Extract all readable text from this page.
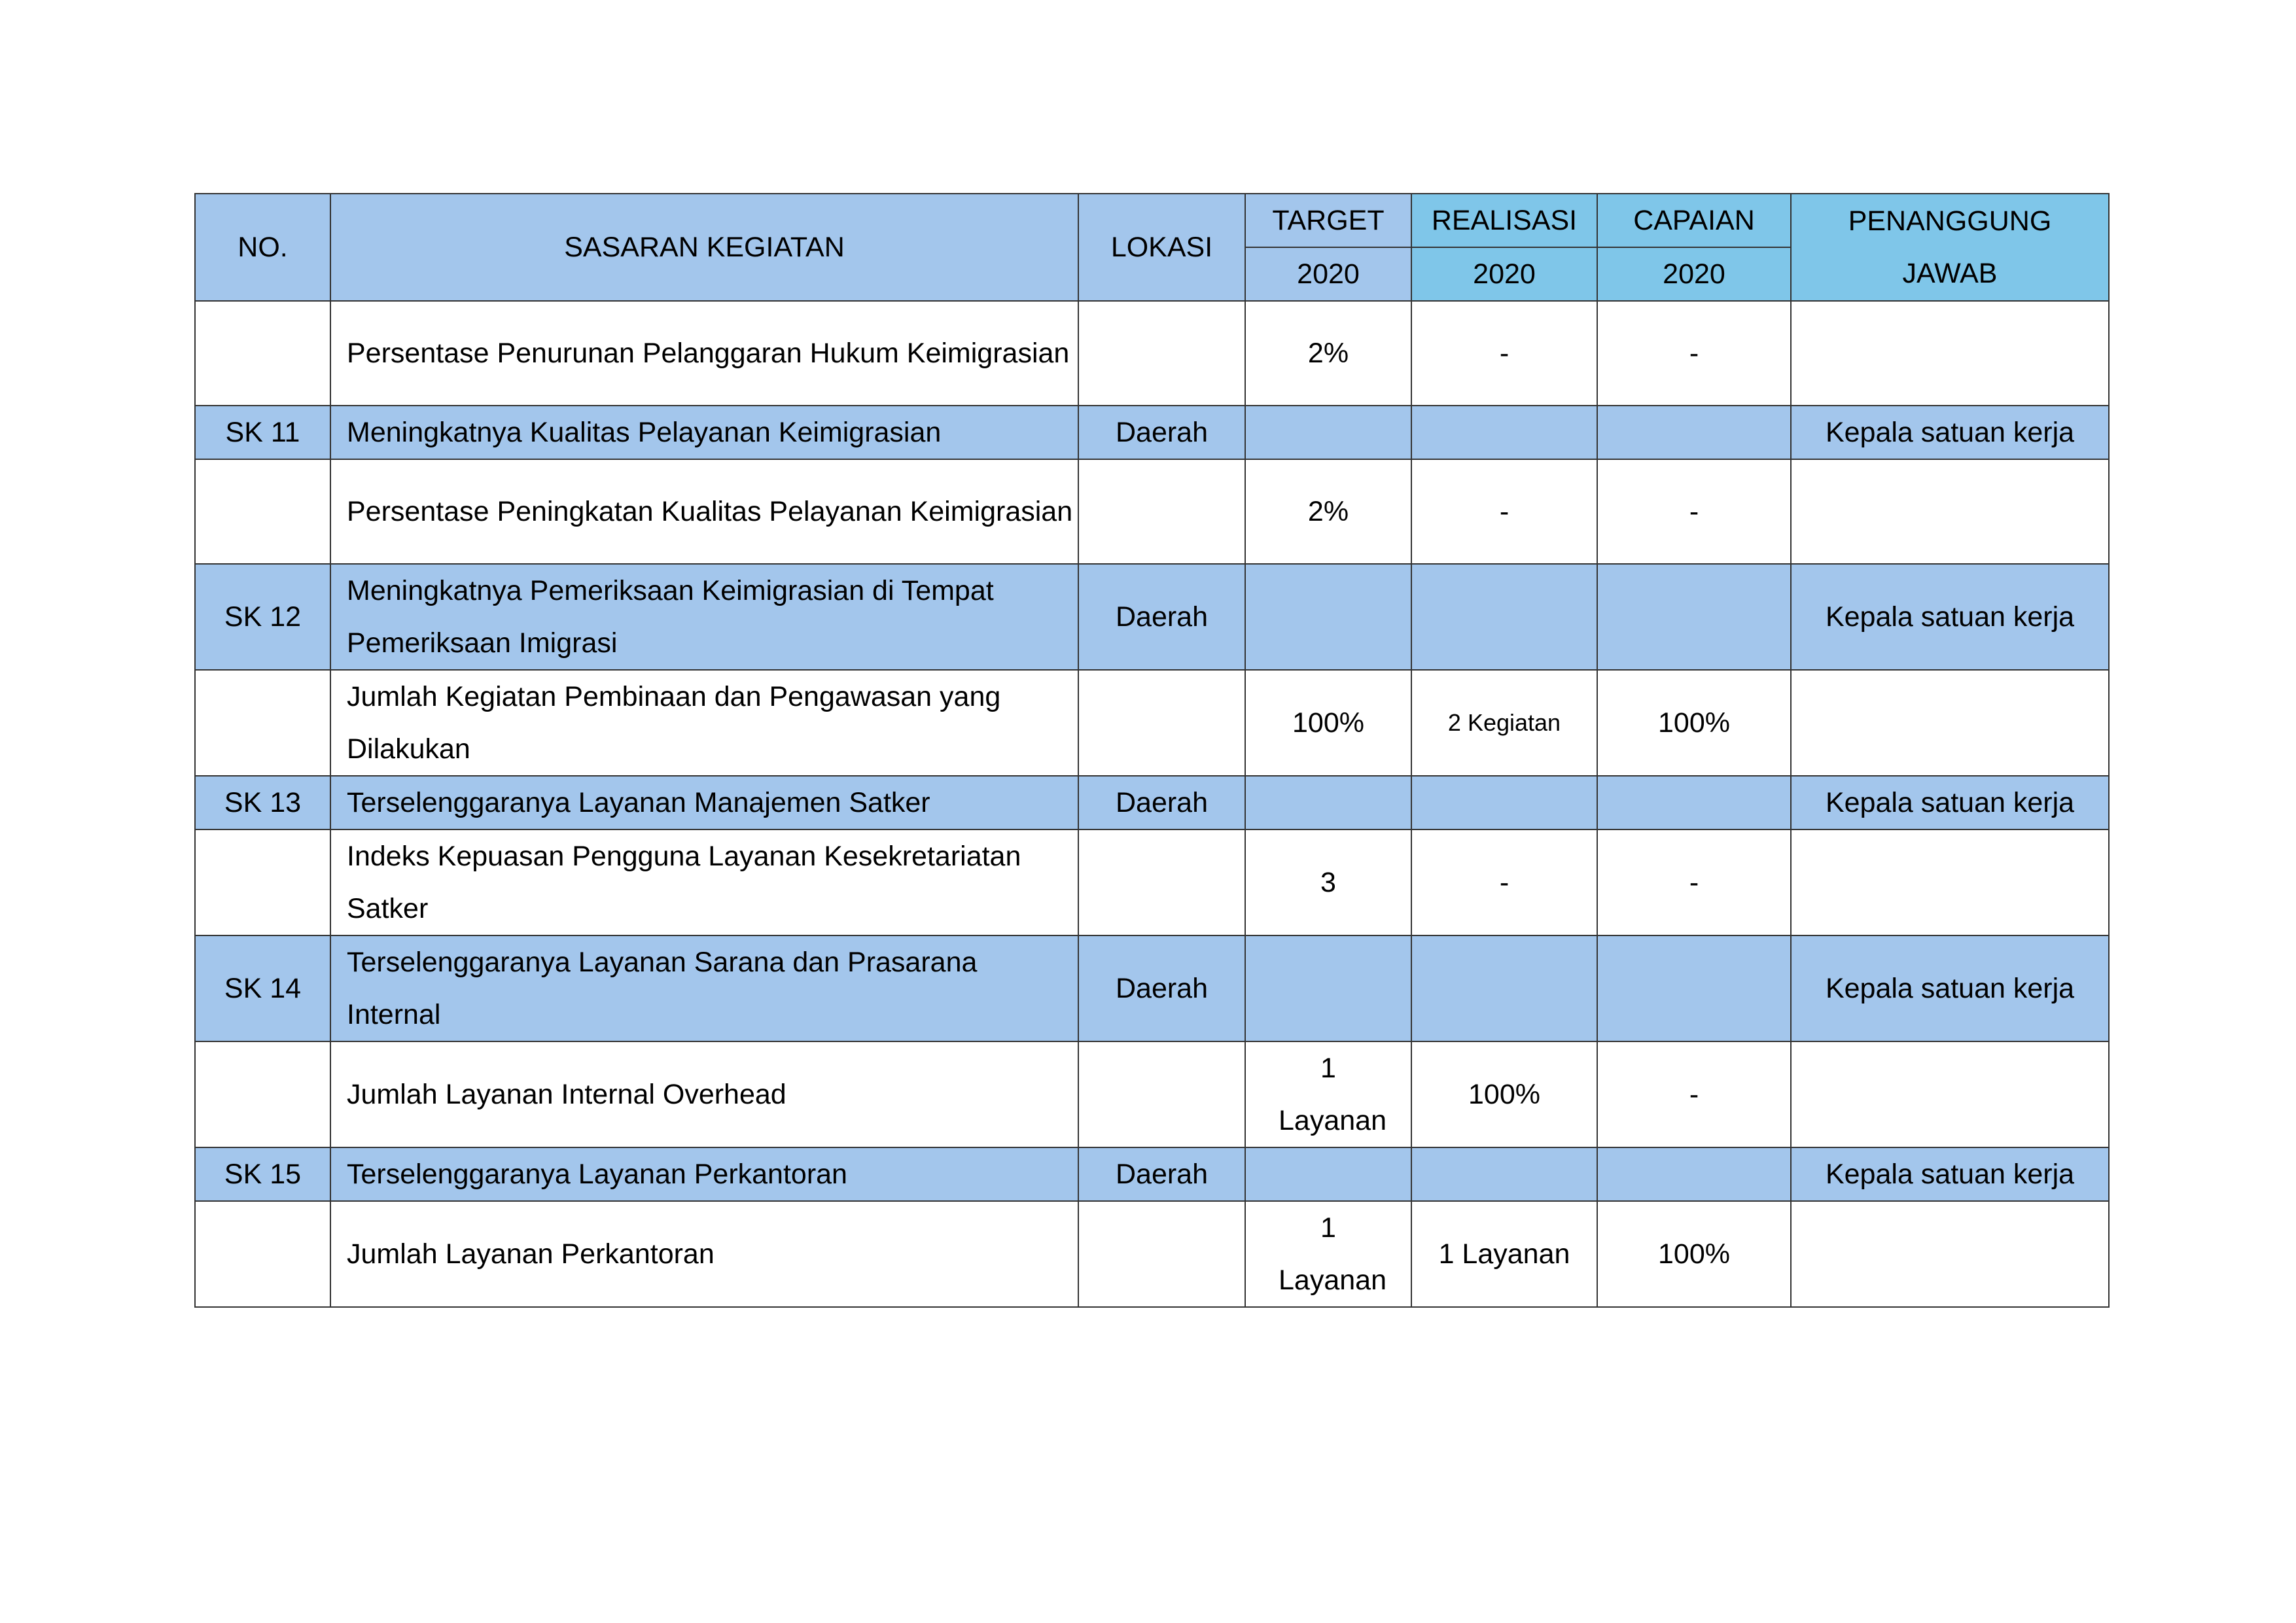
NO.	SASARAN KEGIATAN	LOKASI	TARGET	REALISASI	CAPAIAN	PENANGGUNG JAWAB
			2020	2020	2020	
	Persentase Penurunan Pelanggaran Hukum Keimigrasian		2%	-	-	
SK 11	Meningkatnya Kualitas Pelayanan Keimigrasian	Daerah				Kepala satuan kerja
	Persentase Peningkatan Kualitas Pelayanan Keimigrasian		2%	-	-	
SK 12	Meningkatnya Pemeriksaan Keimigrasian di Tempat Pemeriksaan Imigrasi	Daerah				Kepala satuan kerja
	Jumlah Kegiatan Pembinaan dan Pengawasan yang Dilakukan		100%	2 Kegiatan	100%	
SK 13	Terselenggaranya Layanan Manajemen Satker	Daerah				Kepala satuan kerja
	Indeks Kepuasan Pengguna Layanan Kesekretariatan Satker		3	-	-	
SK 14	Terselenggaranya Layanan Sarana dan Prasarana Internal	Daerah				Kepala satuan kerja
	Jumlah Layanan Internal Overhead		1 Layanan	100%	-	
SK 15	Terselenggaranya Layanan Perkantoran	Daerah				Kepala satuan kerja
	Jumlah Layanan Perkantoran		1 Layanan	1 Layanan	100%	
